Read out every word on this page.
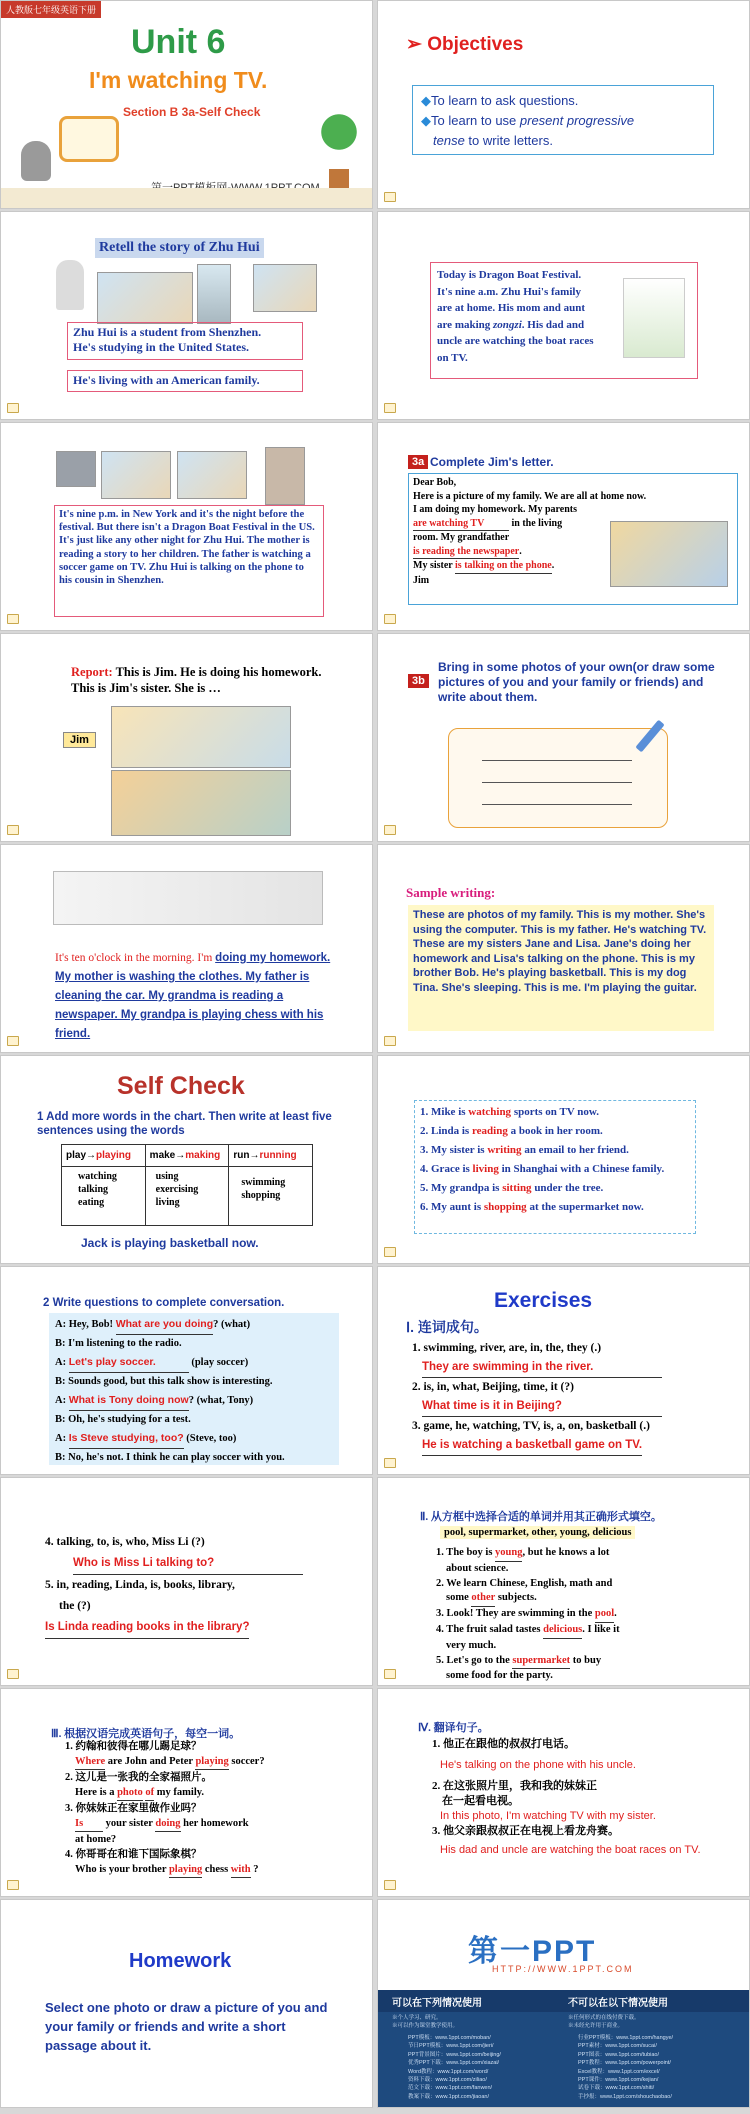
人教版七年级英语下册
Unit 6
I'm watching TV.
Section B 3a-Self Check
➢ Objectives
◆To learn to ask questions.
◆To learn to use present progressive
tense to write letters.
Retell the story of Zhu Hui
Zhu Hui is a student from Shenzhen.
He's studying in the United States.
He's living with an American family.
Today is Dragon Boat Festival.
It's nine a.m. Zhu Hui's family
are at home. His mom and aunt
are making zongzi. His dad and
uncle are watching the boat races
on TV.
It's nine p.m. in New York and it's the night before the festival. But there isn't a Dragon Boat Festival in the US. It's just like any other night for Zhu Hui. The mother is reading a story to her children. The father is watching a soccer game on TV. Zhu Hui is talking on the phone to his cousin in Shenzhen.
3a Complete Jim's letter.
Dear Bob,
Here is a picture of my family. We are all at home now.
I am doing my homework. My parents
are watching TV	in the living
room. My grandfather
is reading the newspaper.
My sister is talking on the phone.
Jim
Report: This is Jim. He is doing his homework. This is Jim's sister. She is …
Jim
3b
Bring in some photos of your own(or draw some pictures of you and your family or friends) and write about them.
It's ten o'clock in the morning. I'm doing my homework. My mother is washing the clothes. My father is cleaning the car. My grandma is reading a newspaper. My grandpa is playing chess with his friend.
Sample writing:
These are photos of my family. This is my mother. She's using the computer. This is my father. He's watching TV. These are my sisters Jane and Lisa. Jane's doing her homework and Lisa's talking on the phone. This is my brother Bob. He's playing basketball. This is my dog Tina. She's sleeping. This is me. I'm playing the guitar.
Self Check
1 Add more words in the chart. Then write at least five sentences using the words
play→playing
watching
talking
eating
make→making
using
exercising
living
run→running
swimming
shopping
Jack is playing basketball now.
1. Mike is watching sports on TV now.
2. Linda is reading a book in her room.
3. My sister is writing an email to her friend.
4. Grace is living in Shanghai with a Chinese family.
5. My grandpa is sitting under the tree.
6. My aunt is shopping at the supermarket now.
2 Write questions to complete conversation.
A: Hey, Bob! What are you doing? (what)
B: I'm listening to the radio.
A: Let's play soccer.	(play soccer)
B: Sounds good, but this talk show is interesting.
A: What is Tony doing now? (what, Tony)
B: Oh, he's studying for a test.
A: Is Steve studying, too? (Steve, too)
B: No, he's not. I think he can play soccer with you.
Exercises
Ⅰ. 连词成句。
1. swimming, river, are, in, the, they (.)
They are swimming in the river.
2. is, in, what, Beijing, time, it (?)
What time is it in Beijing?
3. game, he, watching, TV, is, a, on, basketball (.)
He is watching a basketball game on TV.
4. talking, to, is, who, Miss Li (?)
Who is Miss Li talking to?
5. in, reading, Linda, is, books, library,
the (?)
Is Linda reading books in the library?
Ⅱ. 从方框中选择合适的单词并用其正确形式填空。
pool, supermarket, other, young, delicious
1. The boy is young, but he knows a lot
about science.
2. We learn Chinese, English, math and
some other subjects.
3. Look! They are swimming in the pool.
4. The fruit salad tastes delicious. I like it
very much.
5. Let's go to the supermarket to buy
some food for the party.
Ⅲ. 根据汉语完成英语句子，每空一词。
1. 约翰和彼得在哪儿踢足球？
Where are John and Peter playing soccer?
2. 这儿是一张我的全家福照片。
Here is a photo of my family.
3. 你妹妹正在家里做作业吗？
Is your sister doing her homework
at home?
4. 你哥哥在和谁下国际象棋？
Who is your brother playing chess with ?
Ⅳ. 翻译句子。
1. 他正在跟他的叔叔打电话。
He's talking on the phone with his uncle.
2. 在这张照片里，我和我的妹妹正
在一起看电视。
In this photo, I'm watching TV with my sister.
3. 他父亲跟叔叔正在电视上看龙舟赛。
His dad and uncle are watching the boat races on TV.
Homework
Select one photo or draw a picture of you and your family or friends and write a short passage about it.
第一PPT
HTTP://WWW.1PPT.COM
可以在下列情况使用	不可以在以下情况使用
※个人学习、研究。
※可以作为课堂教学使用。
※任何形式的在线付费下载。
※未经允许用于商业。
PPT模板：www.1ppt.com/moban/
节日PPT模板：www.1ppt.com/jieri/
PPT背景图片：www.1ppt.com/beijing/
优秀PPT下载：www.1ppt.com/xiazai/
Word教程：www.1ppt.com/word/
资料下载：www.1ppt.com/ziliao/
范文下载：www.1ppt.com/fanwen/
教案下载：www.1ppt.com/jiaoan/
行业PPT模板：www.1ppt.com/hangye/
PPT素材：www.1ppt.com/sucai/
PPT图表：www.1ppt.com/tubiao/
PPT教程：www.1ppt.com/powerpoint/
Excel教程：www.1ppt.com/excel/
PPT课件：www.1ppt.com/kejian/
试卷下载：www.1ppt.com/shiti/
手抄报：www.1ppt.com/shouchaobao/
